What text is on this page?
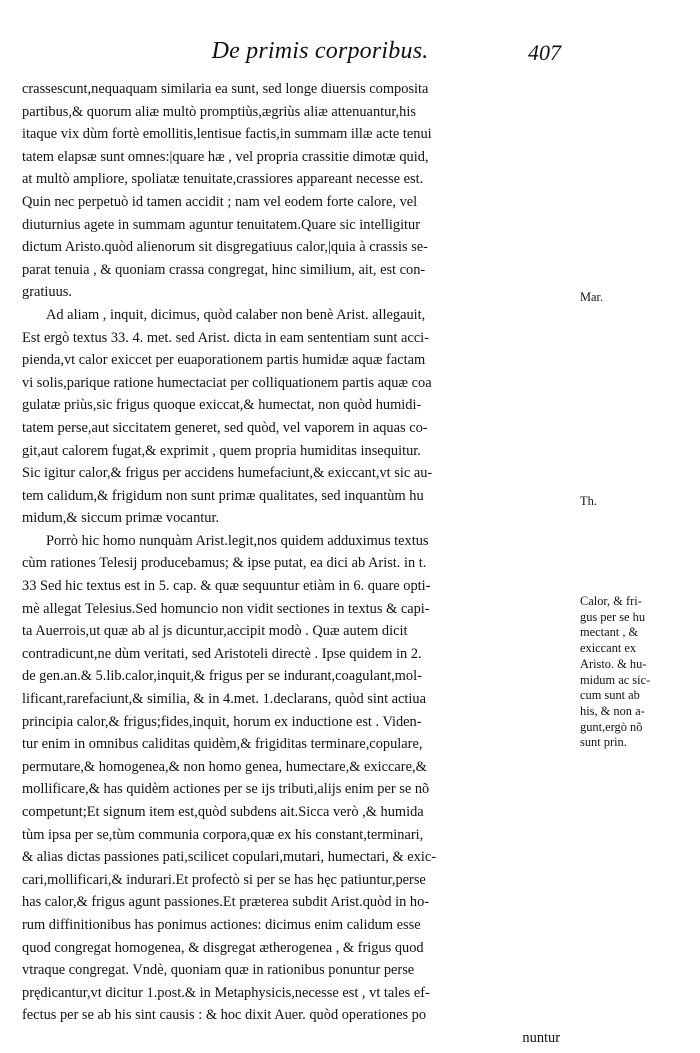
De primis corporibus.	407
crassescunt,nequaquam similaria ea sunt, sed longe diuersis composita
partibus,& quorum aliæ multò promptiùs,ægriùs aliæ attenuantur,his
itaque vix dùm fortè emollitis,lentisue factis,in summam illæ acte tenui
tatem elapsæ sunt omnes:|quare hæ , vel propria crassitie dimotæ quid,
at multò ampliore, spoliatæ tenuitate,crassiores appareant necesse est.
Quin nec perpetuò id tamen accidit ; nam vel eodem forte calore, vel
diuturnius agete in summam aguntur tenuitatem.Quare sic intelligitur
dictum Aristo.quòd alienorum sit disgregatiuus calor,|quia à crassis se-
parat tenuia , & quoniam crassa congregat, hinc similium, ait, est con-
gratiuus.
Ad aliam , inquit, dicimus, quòd calaber non benè Arist. allegauit,
Est ergò textus 33. 4. met. sed Arist. dicta in eam sententiam sunt acci-
pienda,vt calor exiccet per euaporationem partis humidæ aquæ factam
vi solis,parique ratione humectaciat per colliquationem partis aquæ coa
gulatæ priùs,sic frigus quoque exiccat,& humectat, non quòd humidi-
tatem perse,aut siccitatem generet, sed quòd, vel vaporem in aquas co-
git,aut calorem fugat,& exprimit , quem propria humiditas insequitur.
Sic igitur calor,& frigus per accidens humefaciunt,& exiccant,vt sic au-
tem calidum,& frigidum non sunt primæ qualitates, sed inquantùm hu
midum,& siccum primæ vocantur.
Porrò hic homo nunquàm Arist.legit,nos quidem adduximus textus
cùm rationes Telesij producebamus; & ipse putat, ea dici ab Arist. in t.
33 Sed hic textus est in 5. cap. & quæ sequuntur etiàm in 6. quare opti-
mè allegat Telesius.Sed homuncio non vidit sectiones in textus & capi-
ta Auerrois,ut quæ ab al js dicuntur,accipit modò . Quæ autem dicit
contradicunt,ne dùm veritati, sed Aristoteli directè . Ipse quidem in 2.
de gen.an.& 5.lib.calor,inquit,& frigus per se indurant,coagulant,mol-
lificant,rarefaciunt,& similia, & in 4.met. 1.declarans, quòd sint actiua
principia calor,& frigus;fides,inquit, horum ex inductione est . Viden-
tur enim in omnibus caliditas quidèm,& frigiditas terminare,copulare,
permutare,& homogenea,& non homo genea, humectare,& exiccare,&
mollificare,& has quidèm actiones per se ijs tributi,alijs enim per se nõ
competunt;Et signum item est,quòd subdens ait.Sicca verò ,& humida
tùm ipsa per se,tùm communia corpora,quæ ex his constant,terminari,
& alias dictas passiones pati,scilicet copulari,mutari, humectari, & exic-
cari,mollificari,& indurari.Et profectò si per se has hęc patiuntur,perse
has calor,& frigus agunt passiones.Et præterea subdit Arist.quòd in ho-
rum diffinitionibus has ponimus actiones: dicimus enim calidum esse
quod congregat homogenea, & disgregat ætherogenea , & frigus quod
vtraque congregat. Vndè, quoniam quæ in rationibus ponuntur perse
prędicantur,vt dicitur 1.post.& in Metaphysicis,necesse est , vt tales ef-
fectus per se ab his sint causis : & hoc dixit Auer. quòd operationes po
nuntur
Mar.
Th.
Calor, & fri-
gus per se hu
mectant , &
exiccant ex
Aristo. & hu-
midum ac sic-
cum sunt ab
his, & non a-
gunt,ergò nõ
sunt prin.
